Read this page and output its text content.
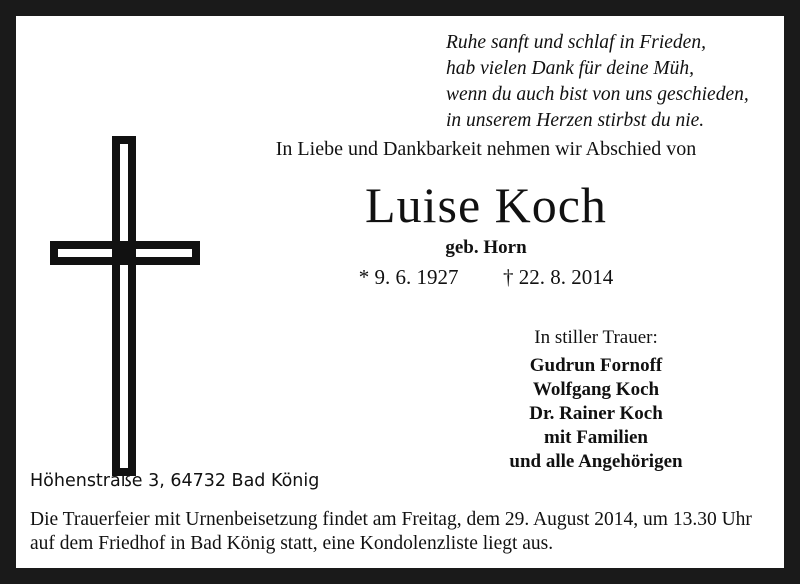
Ruhe sanft und schlaf in Frieden,
hab vielen Dank für deine Müh,
wenn du auch bist von uns geschieden,
in unserem Herzen stirbst du nie.
In Liebe und Dankbarkeit nehmen wir Abschied von
Luise Koch
geb. Horn
* 9. 6. 1927 † 22. 8. 2014
In stiller Trauer:
Gudrun Fornoff
Wolfgang Koch
Dr. Rainer Koch
mit Familien
und alle Angehörigen
Höhenstraße 3, 64732 Bad König
Die Trauerfeier mit Urnenbeisetzung findet am Freitag, dem 29. August 2014, um 13.30 Uhr
auf dem Friedhof in Bad König statt, eine Kondolenzliste liegt aus.
